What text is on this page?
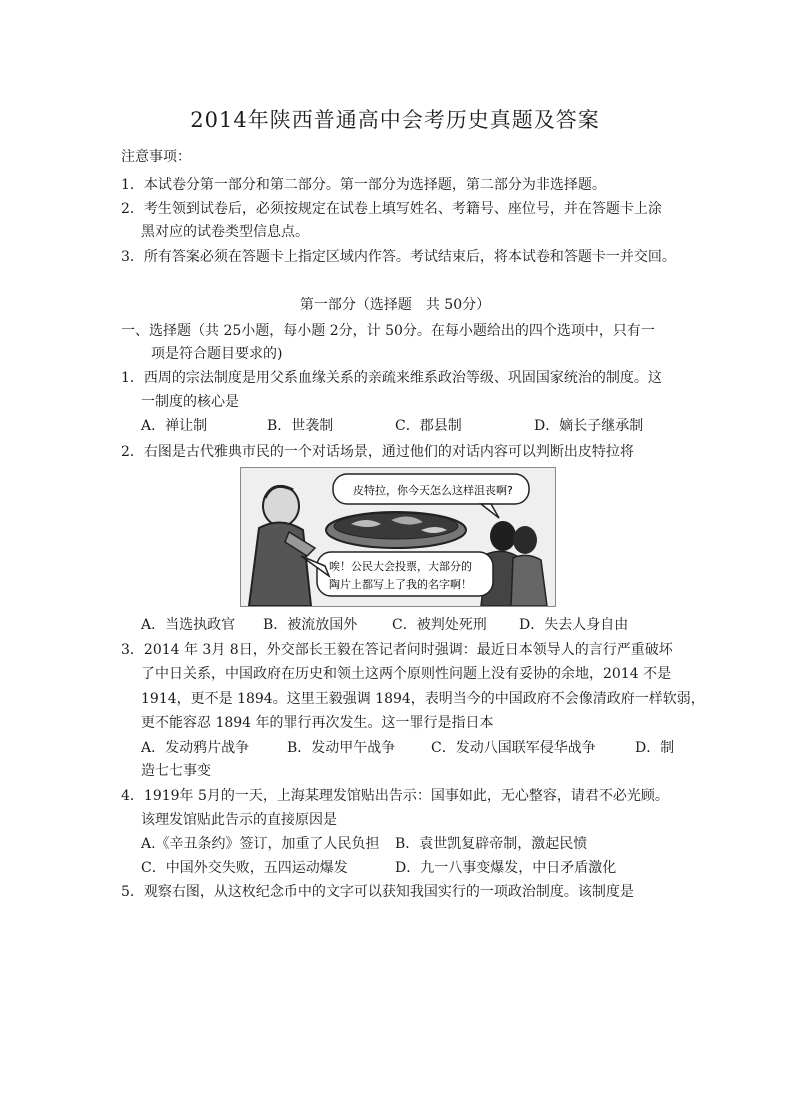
2014年陕西普通高中会考历史真题及答案
注意事项：
1．本试卷分第一部分和第二部分。第一部分为选择题，第二部分为非选择题。
2．考生领到试卷后，必须按规定在试卷上填写姓名、考籍号、座位号，并在答题卡上涂
黑对应的试卷类型信息点。
3．所有答案必须在答题卡上指定区域内作答。考试结束后，将本试卷和答题卡一并交回。
第一部分（选择题　共 50分）
一、选择题（共 25小题，每小题 2分，计 50分。在每小题给出的四个选项中，只有一
项是符合题目要求的)
1．西周的宗法制度是用父系血缘关系的亲疏来维系政治等级、巩固国家统治的制度。这
一制度的核心是
A．禅让制	B．世袭制	C．郡县制	D．嫡长子继承制
2．右图是古代雅典市民的一个对话场景，通过他们的对话内容可以判断出皮特拉将
皮特拉，你今天怎么这样沮丧啊?
唉！公民大会投票，大部分的
陶片上都写上了我的名字啊！
A．当选执政官 B．被流放国外 C．被判处死刑 D．失去人身自由
3．2014 年 3月 8日，外交部长王毅在答记者问时强调：最近日本领导人的言行严重破坏
了中日关系，中国政府在历史和领土这两个原则性问题上没有妥协的余地，2014 不是
1914，更不是 1894。这里王毅强调 1894，表明当今的中国政府不会像清政府一样软弱，
更不能容忍 1894 年的罪行再次发生。这一罪行是指日本
A．发动鸦片战争	B．发动甲午战争	C．发动八国联军侵华战争	D．制
造七七事变
4．1919年 5月的一天，上海某理发馆贴出告示：国事如此，无心整容，请君不必光顾。
该理发馆贴此告示的直接原因是
A.《辛丑条约》签订，加重了人民负担 B．袁世凯复辟帝制，激起民愤
C．中国外交失败，五四运动爆发	D．九一八事变爆发，中日矛盾激化
5．观察右图，从这枚纪念币中的文字可以获知我国实行的一项政治制度。该制度是
